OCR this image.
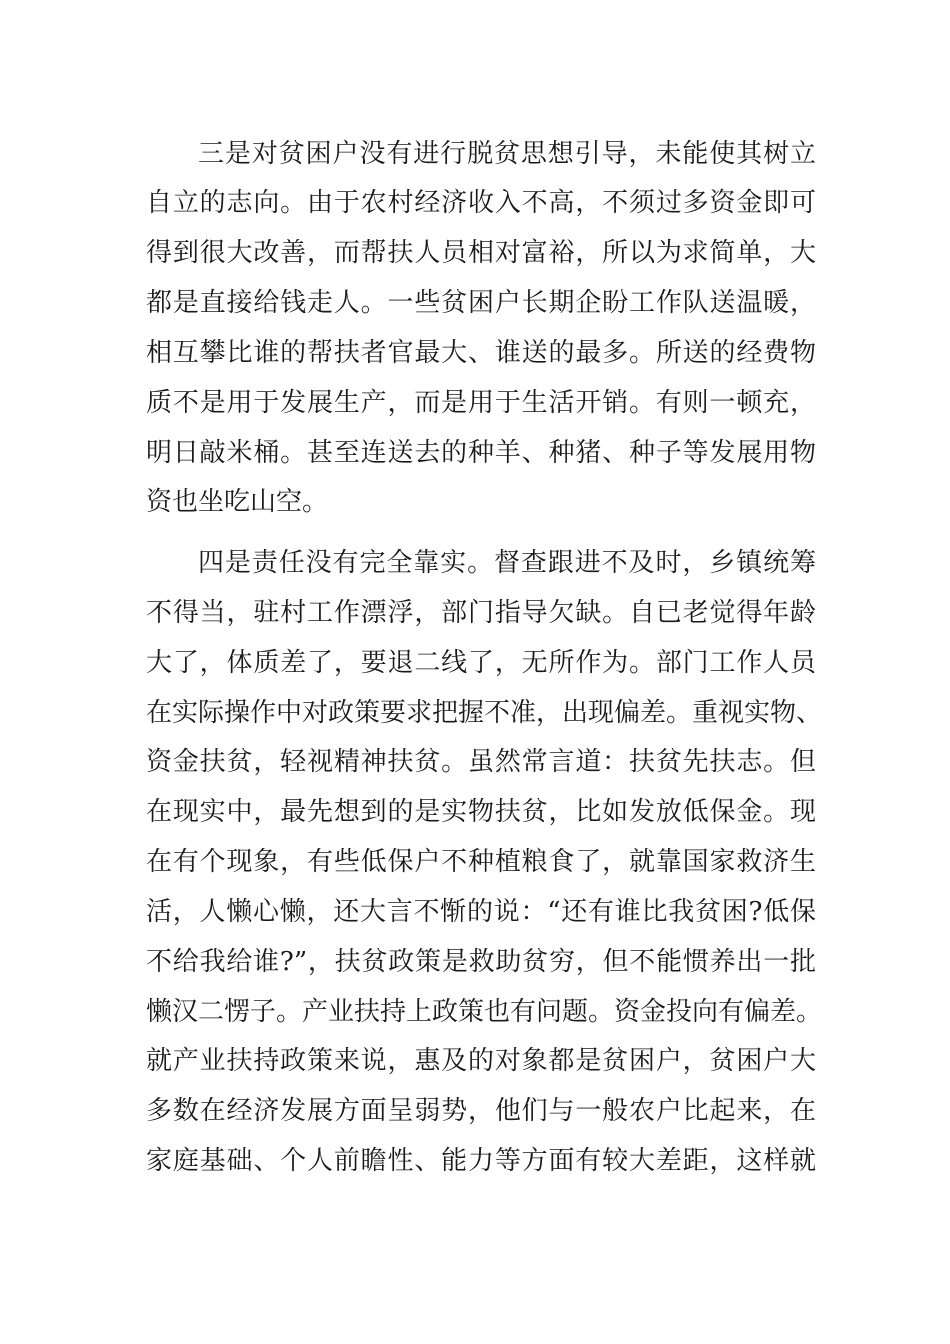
三是对贫困户没有进行脱贫思想引导，未能使其树立
自立的志向。由于农村经济收入不高，不须过多资金即可
得到很大改善，而帮扶人员相对富裕，所以为求简单，大
都是直接给钱走人。一些贫困户长期企盼工作队送温暖，
相互攀比谁的帮扶者官最大、谁送的最多。所送的经费物
质不是用于发展生产，而是用于生活开销。有则一顿充，
明日敲米桶。甚至连送去的种羊、种猪、种子等发展用物
资也坐吃山空。
四是责任没有完全靠实。督查跟进不及时，乡镇统筹
不得当，驻村工作漂浮，部门指导欠缺。自已老觉得年龄
大了，体质差了，要退二线了，无所作为。部门工作人员
在实际操作中对政策要求把握不准，出现偏差。重视实物、
资金扶贫，轻视精神扶贫。虽然常言道：扶贫先扶志。但
在现实中，最先想到的是实物扶贫，比如发放低保金。现
在有个现象，有些低保户不种植粮食了，就靠国家救济生
活，人懒心懒，还大言不惭的说：“还有谁比我贫困?低保
不给我给谁?”，扶贫政策是救助贫穷，但不能惯养出一批
懒汉二愣子。产业扶持上政策也有问题。资金投向有偏差。
就产业扶持政策来说，惠及的对象都是贫困户，贫困户大
多数在经济发展方面呈弱势，他们与一般农户比起来，在
家庭基础、个人前瞻性、能力等方面有较大差距，这样就
